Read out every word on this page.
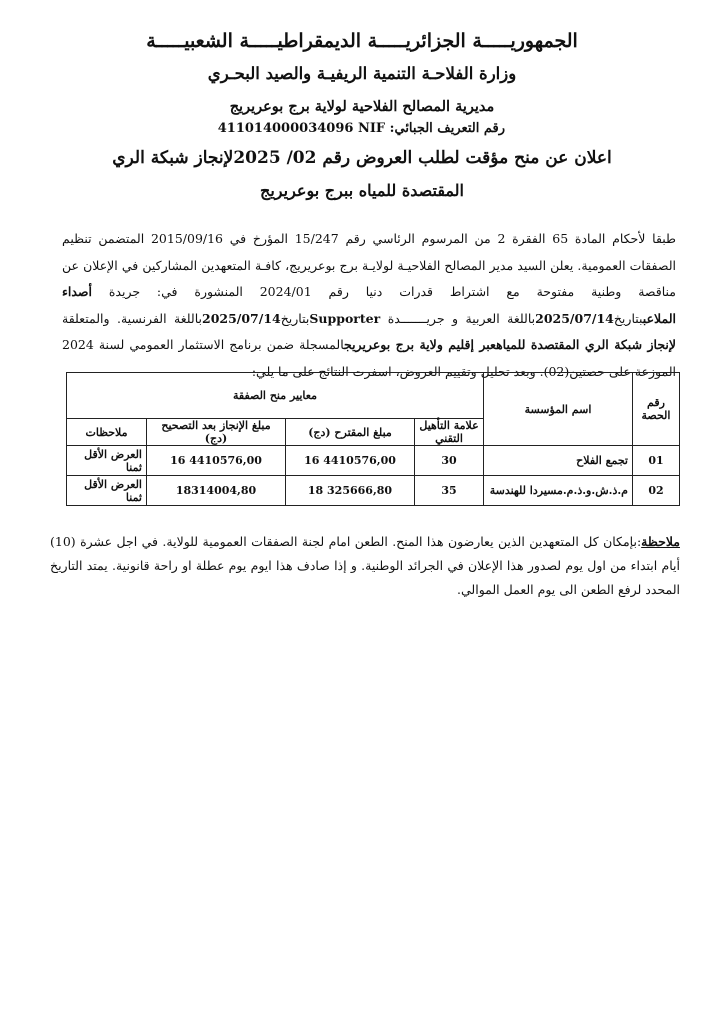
الجمهوريـــــة الجزائريـــــة الديمقراطيـــــة الشعبيـــــة
وزارة الفلاحـة التنمية الريفيـة والصيد البحـري
مديرية المصالح الفلاحية لولاية برج بوعريريج
رقم التعريف الجبائي: NIF 411014000034096
اعلان عن منح مؤقت لطلب العروض رقم 02/ 2025لإنجاز شبكة الري
المقتصدة للمياه ببرج بوعريريج

طبقا لأحكام المادة 65 الفقرة 2 من المرسوم الرئاسي رقم 15/247 المؤرخ في 2015/09/16 المتضمن تنظيم الصفقات العمومية. يعلن السيد مدير المصالح الفلاحيـة لولايـة برج بوعريريج، كافـة المتعهدين المشاركين في الإعلان عن مناقصة وطنية مفتوحة مع اشتراط قدرات دنيا رقم 2024/01 المنشورة في: جريدة أصداء الملاعببتاريخ2025/07/14باللغة العربية و جريـــــــدة Supporterبتاريخ2025/07/14باللغة الفرنسية. والمتعلقة لإنجاز شبكة الري المقتصدة للمياهعبر إقليم ولاية برج بوعريريجالمسجلة ضمن برنامج الاستثمار العمومي لسنة 2024 الموزعة على حصتين(02). وبعد تحليل وتقييم العروض، اسفرت النتائج على ما يلي:

رقم الحصة	اسم المؤسسة	معايير منح الصفقة			
		علامة التأهيل التقني	مبلغ المقترح (دج)	مبلغ الإنجاز بعد التصحيح (دج)	ملاحظات
01	تجمع الفلاح	30	16 4410576,00	16 4410576,00	العرض الأقل ثمنا
02	م.ذ.ش.و.ذ.م.مسيردا للهندسة	35	18 325666,80	18314004,80	العرض الأقل ثمنا
ملاحظة:بإمكان كل المتعهدين الذين يعارضون هذا المنح. الطعن امام لجنة الصفقات العمومية للولاية. في اجل عشرة (10) أيام ابتداء من اول يوم لصدور هذا الإعلان في الجرائد الوطنية. و إذا صادف هذا ايوم يوم عطلة او راحة قانونية. يمتد التاريخ المحدد لرفع الطعن الى يوم العمل الموالي.
